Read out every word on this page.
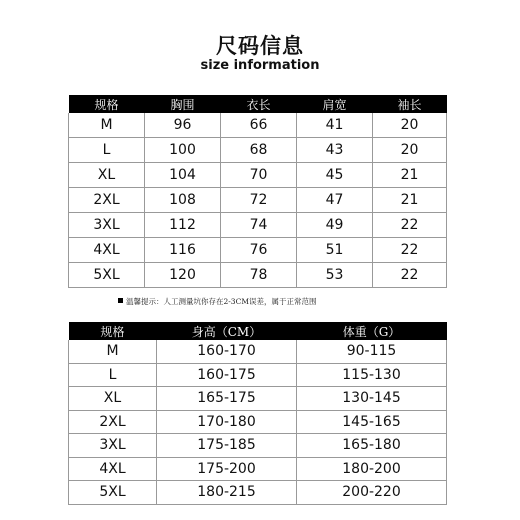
尺码信息
size information
规格	胸围	衣长	肩宽	袖长
M	96	66	41	20
L	100	68	43	20
XL	104	70	45	21
2XL	108	72	47	21
3XL	112	74	49	22
4XL	116	76	51	22
5XL	120	78	53	22
温馨提示：人工测量坑你存在2-3CM误差，属于正常范围
规格	身高（CM）	体重（G）
M	160-170	90-115
L	160-175	115-130
XL	165-175	130-145
2XL	170-180	145-165
3XL	175-185	165-180
4XL	175-200	180-200
5XL	180-215	200-220
